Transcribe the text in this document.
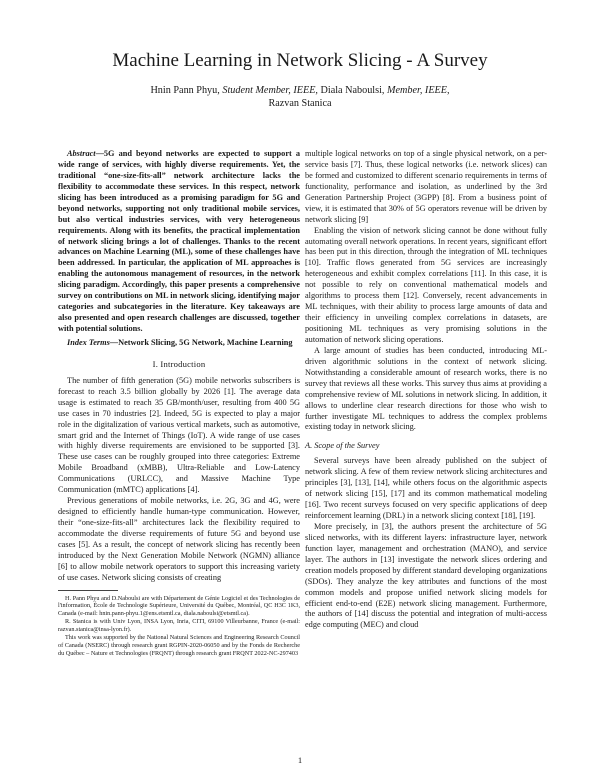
Machine Learning in Network Slicing - A Survey
Hnin Pann Phyu, Student Member, IEEE, Diala Naboulsi, Member, IEEE,
Razvan Stanica

Abstract—5G and beyond networks are expected to support a wide range of services, with highly diverse requirements. Yet, the traditional “one-size-fits-all” network architecture lacks the flexibility to accommodate these services. In this respect, network slicing has been introduced as a promising paradigm for 5G and beyond networks, supporting not only traditional mobile services, but also vertical industries services, with very heterogeneous requirements. Along with its benefits, the practical implementation of network slicing brings a lot of challenges. Thanks to the recent advances on Machine Learning (ML), some of these challenges have been addressed. In particular, the application of ML approaches is enabling the autonomous management of resources, in the network slicing paradigm. Accordingly, this paper presents a comprehensive survey on contributions on ML in network slicing, identifying major categories and subcategories in the literature. Key takeaways are also presented and open research challenges are discussed, together with potential solutions.

Index Terms—Network Slicing, 5G Network, Machine Learning

I. Introduction

The number of fifth generation (5G) mobile networks subscribers is forecast to reach 3.5 billion globally by 2026 [1]. The average data usage is estimated to reach 35 GB/month/user, resulting from 400 5G use cases in 70 industries [2]. Indeed, 5G is expected to play a major role in the digitalization of various vertical markets, such as automotive, smart grid and the Internet of Things (IoT). A wide range of use cases with highly diverse requirements are envisioned to be supported [3]. These use cases can be roughly grouped into three categories: Extreme Mobile Broadband (xMBB), Ultra-Reliable and Low-Latency Communications (URLCC), and Massive Machine Type Communication (mMTC) applications [4].

Previous generations of mobile networks, i.e. 2G, 3G and 4G, were designed to efficiently handle human-type communication. However, their “one-size-fits-all” architectures lack the flexibility required to accommodate the diverse requirements of future 5G and beyond use cases [5]. As a result, the concept of network slicing has recently been introduced by the Next Generation Mobile Network (NGMN) alliance [6] to allow mobile network operators to support this increasing variety of use cases. Network slicing consists of creating

H. Pann Phyu and D.Naboulsi are with Département de Génie Logiciel et des Technologies de l'information, École de Technologie Supérieure, Université du Québec, Montréal, QC H3C 1K3, Canada (e-mail: hnin.pann-phyu.1@ens.etsmtl.ca, diala.naboulsi@etsmtl.ca).

R. Stanica is with Univ Lyon, INSA Lyon, Inria, CITI, 69100 Villeurbanne, France (e-mail: razvan.stanica@insa-lyon.fr).

This work was supported by the National Natural Sciences and Engineering Research Council of Canada (NSERC) through research grant RGPIN-2020-06050 and by the Fonds de Recherche du Québec – Nature et Technologies (FRQNT) through research grant FRQNT 2022-NC-297403

multiple logical networks on top of a single physical network, on a per-service basis [7]. Thus, these logical networks (i.e. network slices) can be formed and customized to different scenario requirements in terms of functionality, performance and isolation, as underlined by the 3rd Generation Partnership Project (3GPP) [8]. From a business point of view, it is estimated that 30% of 5G operators revenue will be driven by network slicing [9]

Enabling the vision of network slicing cannot be done without fully automating overall network operations. In recent years, significant effort has been put in this direction, through the integration of ML techniques [10]. Traffic flows generated from 5G services are increasingly heterogeneous and exhibit complex correlations [11]. In this case, it is not possible to rely on conventional mathematical models and algorithms to process them [12]. Conversely, recent advancements in ML techniques, with their ability to process large amounts of data and their efficiency in unveiling complex correlations in datasets, are positioning ML techniques as very promising solutions in the automation of network slicing operations.

A large amount of studies has been conducted, introducing ML-driven algorithmic solutions in the context of network slicing. Notwithstanding a considerable amount of research works, there is no survey that reviews all these works. This survey thus aims at providing a comprehensive review of ML solutions in network slicing. In addition, it allows to underline clear research directions for those who wish to further investigate ML techniques to address the complex problems existing today in network slicing.

A. Scope of the Survey

Several surveys have been already published on the subject of network slicing. A few of them review network slicing architectures and principles [3], [13], [14], while others focus on the algorithmic aspects of network slicing [15], [17] and its common mathematical modeling [16]. Two recent surveys focused on very specific applications of deep reinforcement learning (DRL) in a network slicing context [18], [19].

More precisely, in [3], the authors present the architecture of 5G sliced networks, with its different layers: infrastructure layer, network function layer, management and orchestration (MANO), and service layer. The authors in [13] investigate the network slices ordering and creation models proposed by different standard developing organizations (SDOs). They analyze the key attributes and functions of the most common models and propose unified network slicing models for efficient end-to-end (E2E) network slicing management. Furthermore, the authors of [14] discuss the potential and integration of multi-access edge computing (MEC) and cloud

1
